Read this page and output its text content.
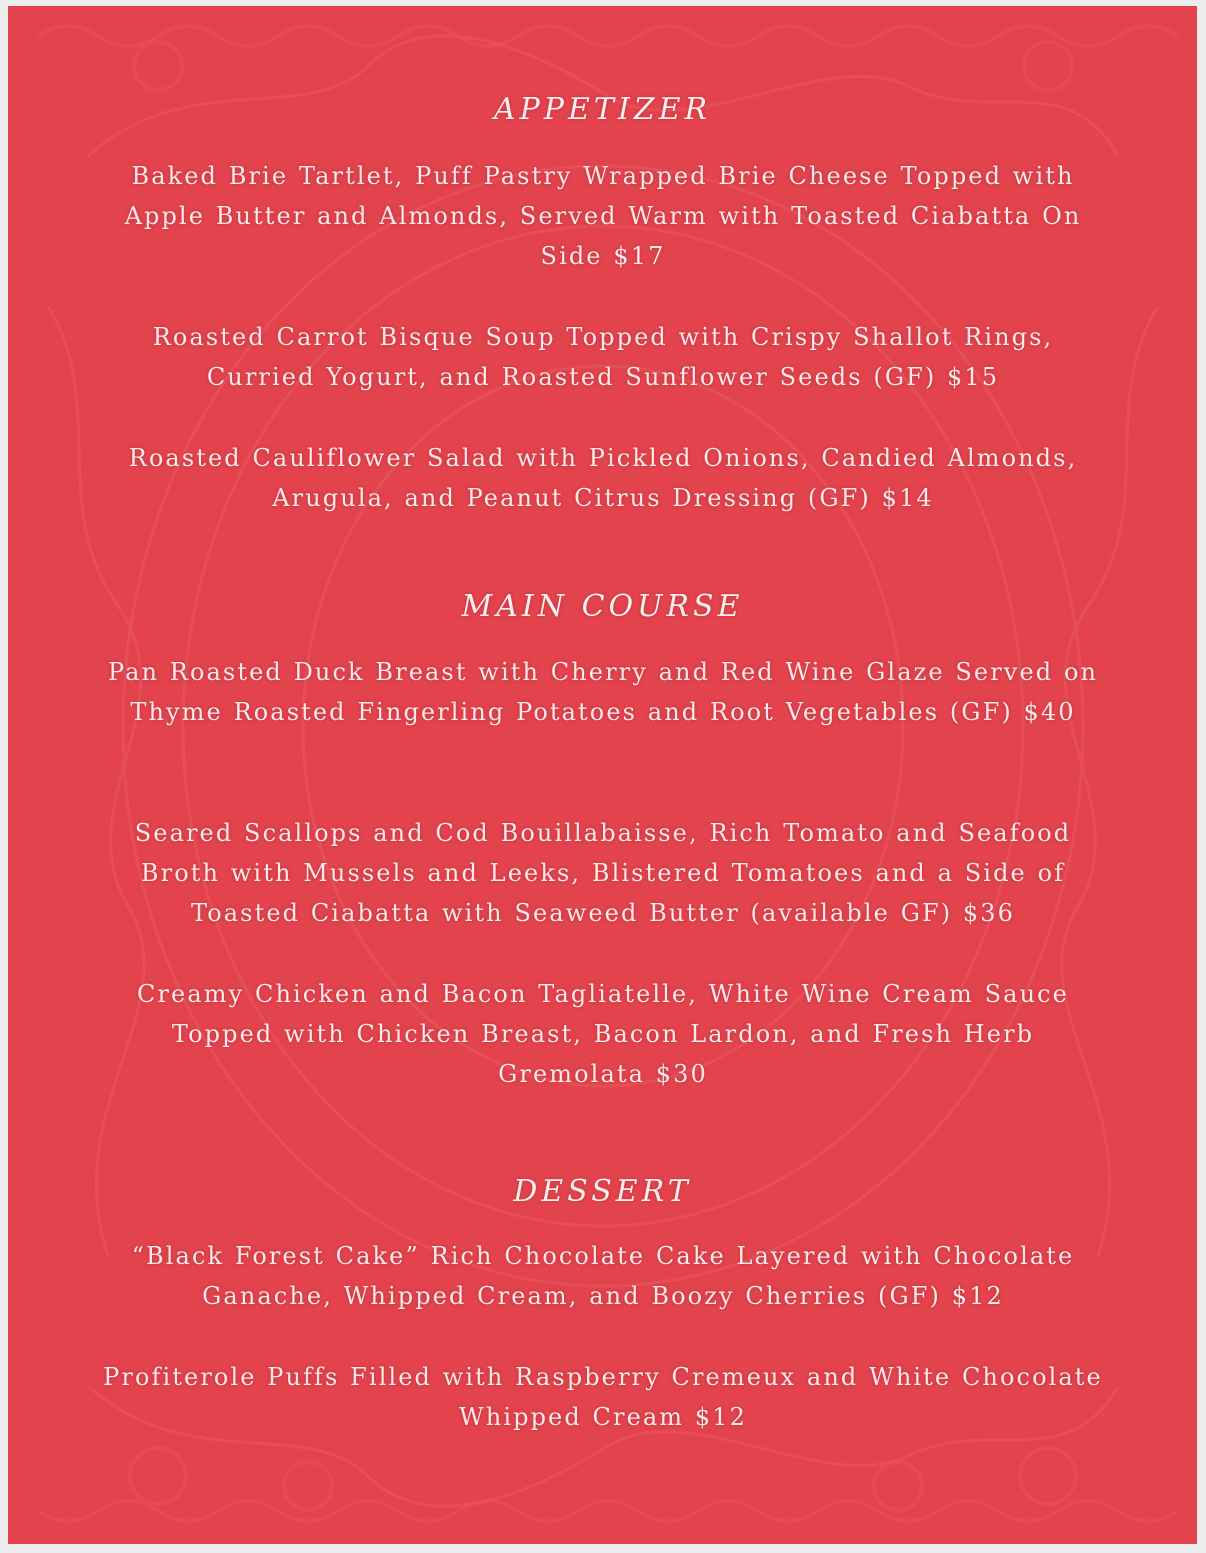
APPETIZER

Baked Brie Tartlet, Puff Pastry Wrapped Brie Cheese Topped with Apple Butter and Almonds, Served Warm with Toasted Ciabatta On Side $17

Roasted Carrot Bisque Soup Topped with Crispy Shallot Rings, Curried Yogurt, and Roasted Sunflower Seeds (GF) $15

Roasted Cauliflower Salad with Pickled Onions, Candied Almonds, Arugula, and Peanut Citrus Dressing (GF) $14

MAIN COURSE

Pan Roasted Duck Breast with Cherry and Red Wine Glaze Served on Thyme Roasted Fingerling Potatoes and Root Vegetables (GF) $40

Seared Scallops and Cod Bouillabaisse, Rich Tomato and Seafood Broth with Mussels and Leeks, Blistered Tomatoes and a Side of Toasted Ciabatta with Seaweed Butter (available GF) $36

Creamy Chicken and Bacon Tagliatelle, White Wine Cream Sauce Topped with Chicken Breast, Bacon Lardon, and Fresh Herb Gremolata $30

DESSERT

“Black Forest Cake” Rich Chocolate Cake Layered with Chocolate Ganache, Whipped Cream, and Boozy Cherries (GF) $12

Profiterole Puffs Filled with Raspberry Cremeux and White Chocolate Whipped Cream $12
